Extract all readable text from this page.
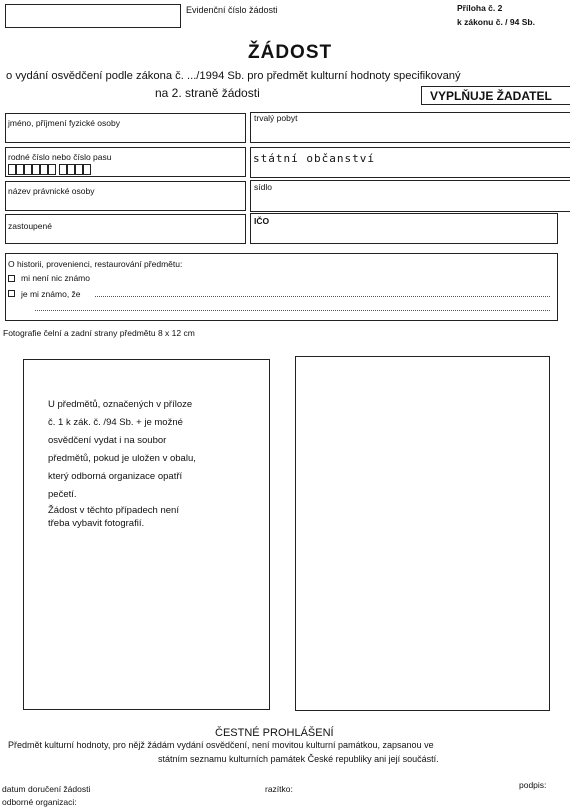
Evidenční číslo žádosti	Příloha č. 2
k zákonu č. / 94 Sb.
ŽÁDOST
o vydání osvědčení podle zákona č. .../1994 Sb. pro předmět kulturní hodnoty specifikovaný
na 2. straně žádosti	VYPLŇUJE ŽADATEL
jméno, příjmení fyzické osoby	trvalý pobyt
rodné číslo nebo číslo pasu	státní občanství
název právnické osoby	sídlo
zastoupené	IČO
O historii, provenienci, restaurování předmětu:
mi není nic známo
je mi známo, že
Fotografie čelní a zadní strany předmětu 8 x 12 cm

U předmětů, označených v příloze

č. 1 k zák. č. /94 Sb. + je možné

osvědčení vydat i na soubor

předmětů, pokud je uložen v obalu,

který odborná organizace opatří

pečetí.

Žádost v těchto případech není

třeba vybavit fotografií.

ČESTNÉ PROHLÁŠENÍ
Předmět kulturní hodnoty, pro nějž žádám vydání osvědčení, není movitou kulturní památkou, zapsanou ve
státním seznamu kulturních památek České republiky ani její součástí.
datum doručení žádosti
odborné organizaci:
razítko:	podpis:
